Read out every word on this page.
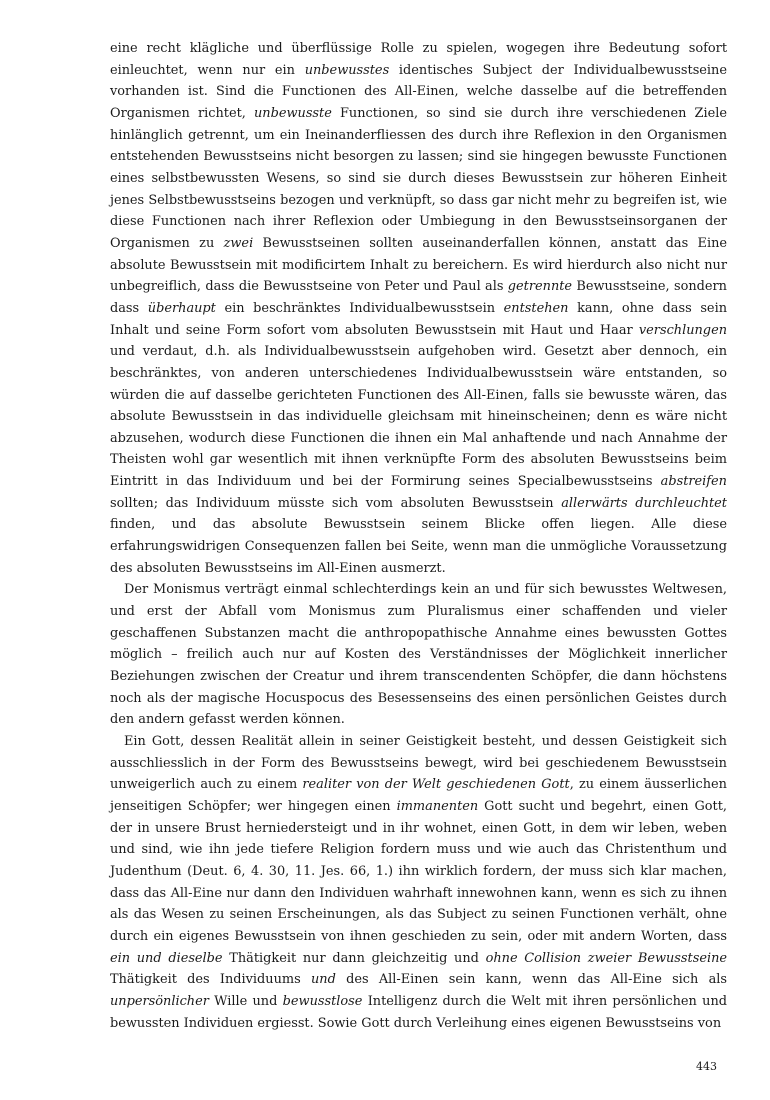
eine recht klägliche und überflüssige Rolle zu spielen, wogegen ihre Bedeutung sofort einleuchtet, wenn nur ein unbewusstes identisches Subject der Individualbewusstseine vorhanden ist. Sind die Functionen des All-Einen, welche dasselbe auf die betreffenden Organismen richtet, unbewusste Functionen, so sind sie durch ihre verschiedenen Ziele hinlänglich getrennt, um ein Ineinanderfliessen des durch ihre Reflexion in den Organismen entstehenden Bewusstseins nicht besorgen zu lassen; sind sie hingegen bewusste Functionen eines selbstbewussten Wesens, so sind sie durch dieses Bewusstsein zur höheren Einheit jenes Selbstbewusstseins bezogen und verknüpft, so dass gar nicht mehr zu begreifen ist, wie diese Functionen nach ihrer Reflexion oder Umbiegung in den Bewusstseinsorganen der Organismen zu zwei Bewusstseinen sollten auseinanderfallen können, anstatt das Eine absolute Bewusstsein mit modificirtem Inhalt zu bereichern. Es wird hierdurch also nicht nur unbegreiflich, dass die Bewusstseine von Peter und Paul als getrennte Bewusstseine, sondern dass überhaupt ein beschränktes Individualbewusstsein entstehen kann, ohne dass sein Inhalt und seine Form sofort vom absoluten Bewusstsein mit Haut und Haar verschlungen und verdaut, d.h. als Individualbewusstsein aufgehoben wird. Gesetzt aber dennoch, ein beschränktes, von anderen unterschiedenes Individualbewusstsein wäre entstanden, so würden die auf dasselbe gerichteten Functionen des All-Einen, falls sie bewusste wären, das absolute Bewusstsein in das individuelle gleichsam mit hineinscheinen; denn es wäre nicht abzusehen, wodurch diese Functionen die ihnen ein Mal anhaftende und nach Annahme der Theisten wohl gar wesentlich mit ihnen verknüpfte Form des absoluten Bewusstseins beim Eintritt in das Individuum und bei der Formirung seines Specialbewusstseins abstreifen sollten; das Individuum müsste sich vom absoluten Bewusstsein allerwärts durchleuchtet finden, und das absolute Bewusstsein seinem Blicke offen liegen. Alle diese erfahrungswidrigen Consequenzen fallen bei Seite, wenn man die unmögliche Voraussetzung des absoluten Bewusstseins im All-Einen ausmerzt.

Der Monismus verträgt einmal schlechterdings kein an und für sich bewusstes Weltwesen, und erst der Abfall vom Monismus zum Pluralismus einer schaffenden und vieler geschaffenen Substanzen macht die anthropopathische Annahme eines bewussten Gottes möglich – freilich auch nur auf Kosten des Verständnisses der Möglichkeit innerlicher Beziehungen zwischen der Creatur und ihrem transcendenten Schöpfer, die dann höchstens noch als der magische Hocuspocus des Besessenseins des einen persönlichen Geistes durch den andern gefasst werden können.

Ein Gott, dessen Realität allein in seiner Geistigkeit besteht, und dessen Geistigkeit sich ausschliesslich in der Form des Bewusstseins bewegt, wird bei geschiedenem Bewusstsein unweigerlich auch zu einem realiter von der Welt geschiedenen Gott, zu einem äusserlichen jenseitigen Schöpfer; wer hingegen einen immanenten Gott sucht und begehrt, einen Gott, der in unsere Brust herniedersteigt und in ihr wohnet, einen Gott, in dem wir leben, weben und sind, wie ihn jede tiefere Religion fordern muss und wie auch das Christenthum und Judenthum (Deut. 6, 4. 30, 11. Jes. 66, 1.) ihn wirklich fordern, der muss sich klar machen, dass das All-Eine nur dann den Individuen wahrhaft innewohnen kann, wenn es sich zu ihnen als das Wesen zu seinen Erscheinungen, als das Subject zu seinen Functionen verhält, ohne durch ein eigenes Bewusstsein von ihnen geschieden zu sein, oder mit andern Worten, dass ein und dieselbe Thätigkeit nur dann gleichzeitig und ohne Collision zweier Bewusstseine Thätigkeit des Individuums und des All-Einen sein kann, wenn das All-Eine sich als unpersönlicher Wille und bewusstlose Intelligenz durch die Welt mit ihren persönlichen und bewussten Individuen ergiesst. Sowie Gott durch Verleihung eines eigenen Bewusstseins von

443
